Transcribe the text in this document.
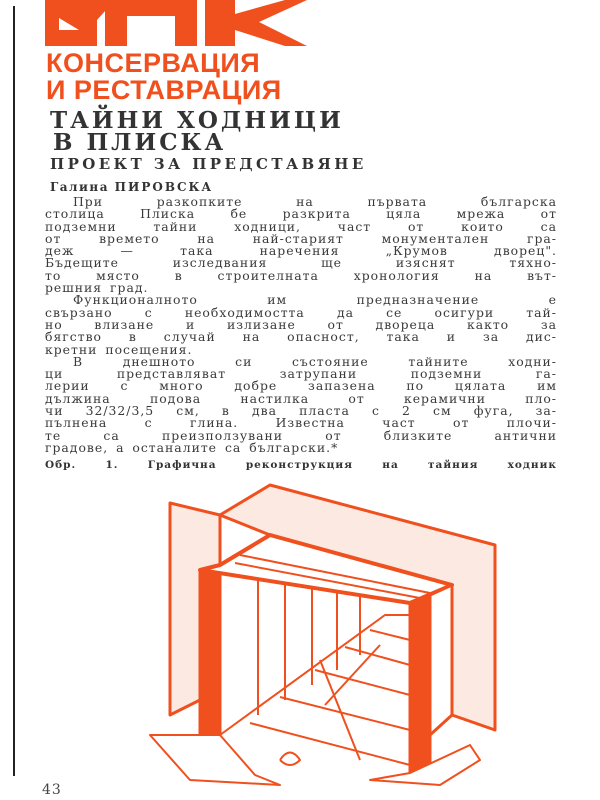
КОНСЕРВАЦИЯ
И РЕСТАВРАЦИЯ
ТАЙНИ ХОДНИЦИ
В ПЛИСКА
ПРОЕКТ ЗА ПРЕДСТАВЯНЕ
Галина ПИРОВСКА
При разкопките на първата българска
столица Плиска бе разкрита цяла мрежа от
подземни тайни ходници, част от които са
от времето на най-старият монументален гра-
деж — така наречения „Крумов дворец".
Бъдещите изследвания ще изяснят тяхно-
то място в строителната хронология на вът-
решния град.
Функционалното им предназначение е
свързано с необходимостта да се осигури тай-
но влизане и излизане от двореца както за
бягство в случай на опасност, така и за дис-
кретни посещения.
В днешното си състояние тайните ходни-
ци представляват затрупани подземни га-
лерии с много добре запазена по цялата им
дължина подова настилка от керамични пло-
чи 32/32/3,5 см, в два пласта с 2 см фуга, за-
пълнена с глина. Известна част от плочи-
те са преизползувани от близките антични
градове, а останалите са български.*
Обр. 1. Графична реконструкция на тайния ходник
43
